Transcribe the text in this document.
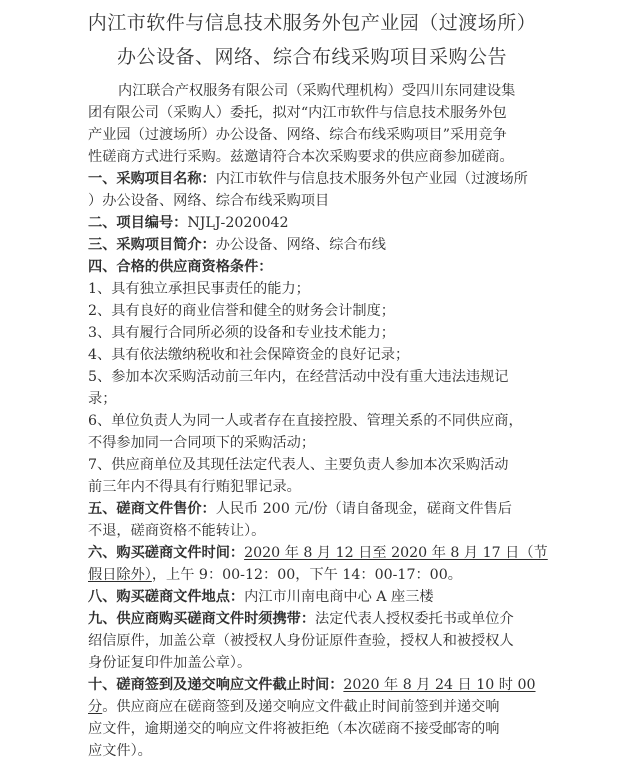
内江市软件与信息技术服务外包产业园（过渡场所）
办公设备、网络、综合布线采购项目采购公告
内江联合产权服务有限公司（采购代理机构）受四川东同建设集
团有限公司（采购人）委托，拟对“内江市软件与信息技术服务外包
产业园（过渡场所）办公设备、网络、综合布线采购项目”采用竞争
性磋商方式进行采购。兹邀请符合本次采购要求的供应商参加磋商。
一、采购项目名称：内江市软件与信息技术服务外包产业园（过渡场所
）办公设备、网络、综合布线采购项目
二、项目编号：NJLJ-2020042
三、采购项目简介：办公设备、网络、综合布线
四、合格的供应商资格条件：
1、具有独立承担民事责任的能力；
2、具有良好的商业信誉和健全的财务会计制度；
3、具有履行合同所必须的设备和专业技术能力；
4、具有依法缴纳税收和社会保障资金的良好记录；
5、参加本次采购活动前三年内，在经营活动中没有重大违法违规记
录；
6、单位负责人为同一人或者存在直接控股、管理关系的不同供应商，
不得参加同一合同项下的采购活动；
7、供应商单位及其现任法定代表人、主要负责人参加本次采购活动
前三年内不得具有行贿犯罪记录。
五、磋商文件售价：人民币 200 元/份（请自备现金，磋商文件售后
不退，磋商资格不能转让）。
六、购买磋商文件时间：2020 年 8 月 12 日至 2020 年 8 月 17 日（节
假日除外），上午 9：00-12：00，下午 14：00-17：00。
八、购买磋商文件地点：内江市川南电商中心 A 座三楼
九、供应商购买磋商文件时须携带：法定代表人授权委托书或单位介
绍信原件，加盖公章（被授权人身份证原件查验，授权人和被授权人
身份证复印件加盖公章）。
十、磋商签到及递交响应文件截止时间：2020 年 8 月 24 日 10 时 00
分。供应商应在磋商签到及递交响应文件截止时间前签到并递交响
应文件，逾期递交的响应文件将被拒绝（本次磋商不接受邮寄的响
应文件）。
